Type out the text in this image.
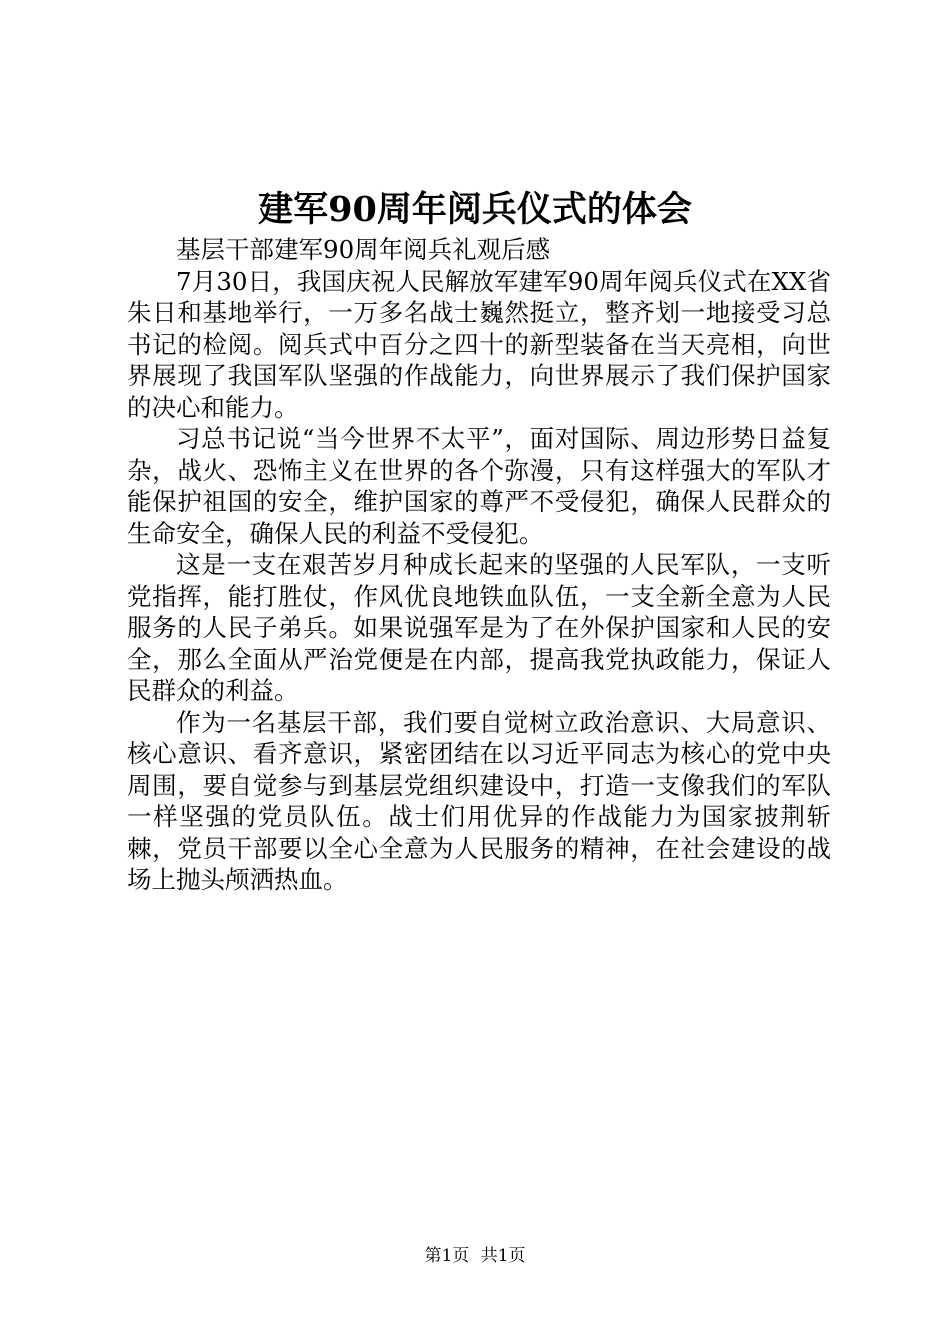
建军90周年阅兵仪式的体会

基层干部建军90周年阅兵礼观后感

7月30日，我国庆祝人民解放军建军90周年阅兵仪式在XX省朱日和基地举行，一万多名战士巍然挺立，整齐划一地接受习总书记的检阅。阅兵式中百分之四十的新型装备在当天亮相，向世界展现了我国军队坚强的作战能力，向世界展示了我们保护国家的决心和能力。

习总书记说“当今世界不太平”，面对国际、周边形势日益复杂，战火、恐怖主义在世界的各个弥漫，只有这样强大的军队才能保护祖国的安全，维护国家的尊严不受侵犯，确保人民群众的生命安全，确保人民的利益不受侵犯。

这是一支在艰苦岁月种成长起来的坚强的人民军队，一支听党指挥，能打胜仗，作风优良地铁血队伍，一支全新全意为人民服务的人民子弟兵。如果说强军是为了在外保护国家和人民的安全，那么全面从严治党便是在内部，提高我党执政能力，保证人民群众的利益。

作为一名基层干部，我们要自觉树立政治意识、大局意识、核心意识、看齐意识，紧密团结在以习近平同志为核心的党中央周围，要自觉参与到基层党组织建设中，打造一支像我们的军队一样坚强的党员队伍。战士们用优异的作战能力为国家披荆斩棘，党员干部要以全心全意为人民服务的精神，在社会建设的战场上抛头颅洒热血。

第1页 共1页
